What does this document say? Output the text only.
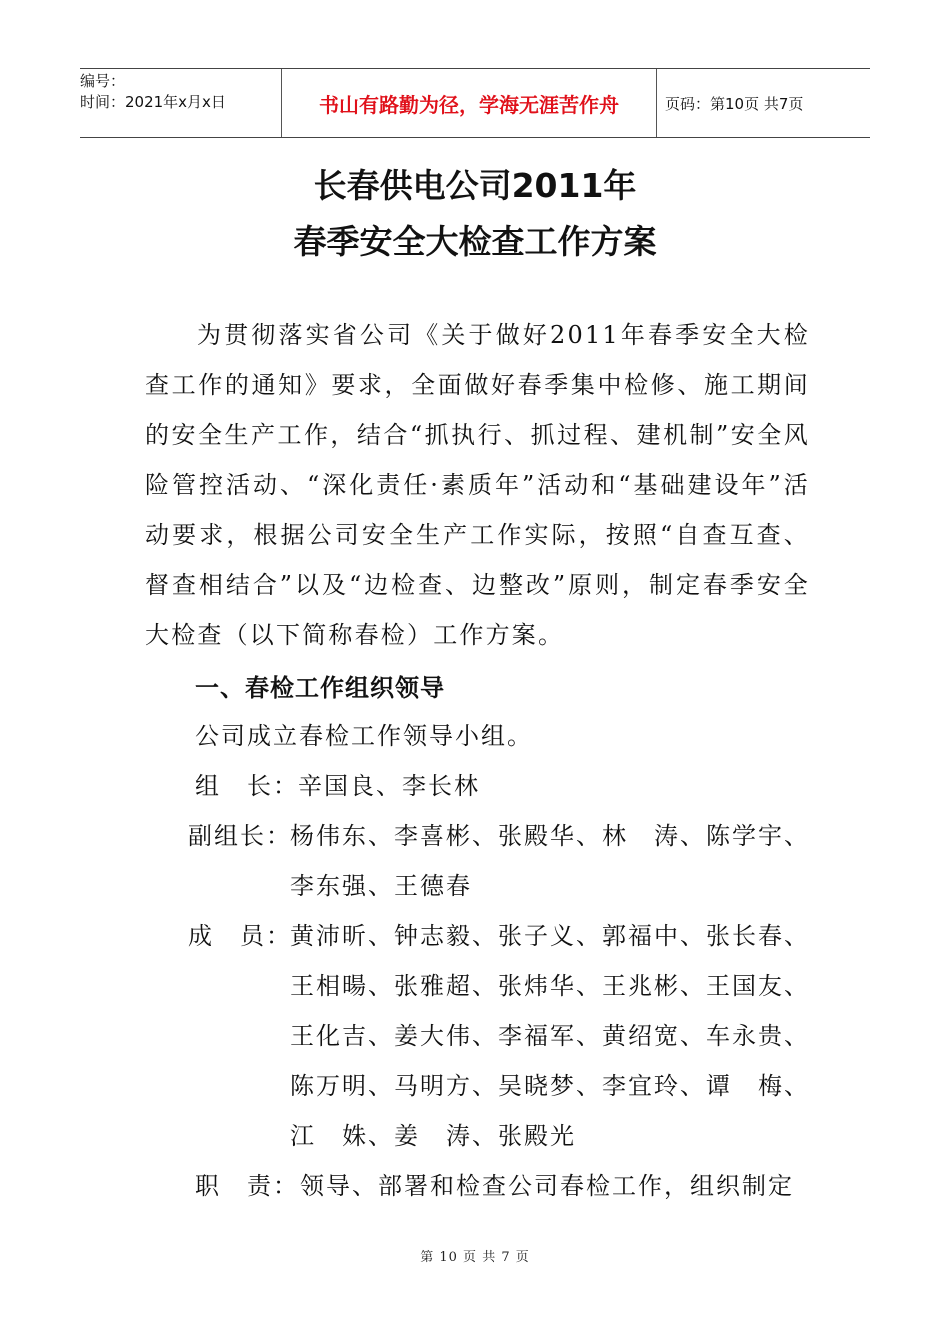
编号：
时间：2021年x月x日	书山有路勤为径，学海无涯苦作舟	页码：第10页 共7页
长春供电公司2011年
春季安全大检查工作方案
为贯彻落实省公司《关于做好2011年春季安全大检查工作的通知》要求，全面做好春季集中检修、施工期间的安全生产工作，结合“抓执行、抓过程、建机制”安全风险管控活动、“深化责任·素质年”活动和“基础建设年”活动要求，根据公司安全生产工作实际，按照“自查互查、督查相结合”以及“边检查、边整改”原则，制定春季安全大检查（以下简称春检）工作方案。
一、春检工作组织领导
公司成立春检工作领导小组。
组　长： 辛国良、李长林
副组长：
杨伟东、李喜彬、张殿华、林　涛、陈学宇、
李东强、王德春
成　员：
黄沛昕、钟志毅、张子义、郭福中、张长春、
王相暘、张雅超、张炜华、王兆彬、王国友、
王化吉、姜大伟、李福军、黄绍宽、车永贵、
陈万明、马明方、吴晓梦、李宜玲、谭　梅、
江　姝、姜　涛、张殿光
职　责： 领导、部署和检查公司春检工作，组织制定
第 10 页 共 7 页
